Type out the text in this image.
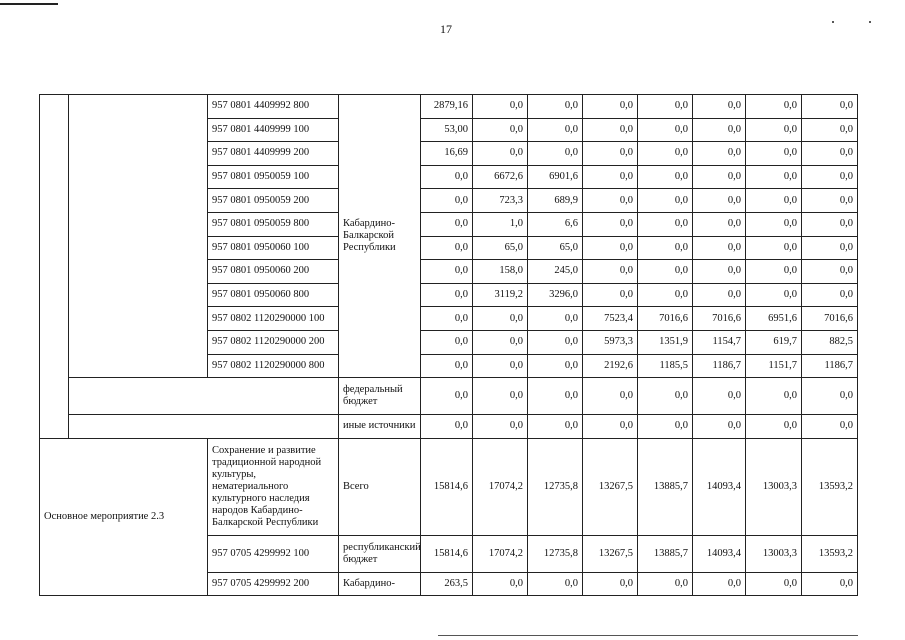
17
		957 0801 4409992 800	Кабардино-Балкарской Республики	2879,16	0,0	0,0	0,0	0,0	0,0	0,0	0,0
		957 0801 4409999 100		53,00	0,0	0,0	0,0	0,0	0,0	0,0	0,0
		957 0801 4409999 200		16,69	0,0	0,0	0,0	0,0	0,0	0,0	0,0
		957 0801 0950059 100		0,0	6672,6	6901,6	0,0	0,0	0,0	0,0	0,0
		957 0801 0950059 200		0,0	723,3	689,9	0,0	0,0	0,0	0,0	0,0
		957 0801 0950059 800		0,0	1,0	6,6	0,0	0,0	0,0	0,0	0,0
		957 0801 0950060 100		0,0	65,0	65,0	0,0	0,0	0,0	0,0	0,0
		957 0801 0950060 200		0,0	158,0	245,0	0,0	0,0	0,0	0,0	0,0
		957 0801 0950060 800		0,0	3119,2	3296,0	0,0	0,0	0,0	0,0	0,0
		957 0802 1120290000 100		0,0	0,0	0,0	7523,4	7016,6	7016,6	6951,6	7016,6
		957 0802 1120290000 200		0,0	0,0	0,0	5973,3	1351,9	1154,7	619,7	882,5
		957 0802 1120290000 800		0,0	0,0	0,0	2192,6	1185,5	1186,7	1151,7	1186,7
			федеральный бюджет	0,0	0,0	0,0	0,0	0,0	0,0	0,0	0,0
			иные источники	0,0	0,0	0,0	0,0	0,0	0,0	0,0	0,0
Основное мероприятие 2.3		Сохранение и развитие традиционной народной культуры, нематериального культурного наследия народов Кабардино-Балкарской Республики	Всего	15814,6	17074,2	12735,8	13267,5	13885,7	14093,4	13003,3	13593,2
		957 0705 4299992 100	республиканский бюджет	15814,6	17074,2	12735,8	13267,5	13885,7	14093,4	13003,3	13593,2
		957 0705 4299992 200	Кабардино-	263,5	0,0	0,0	0,0	0,0	0,0	0,0	0,0
